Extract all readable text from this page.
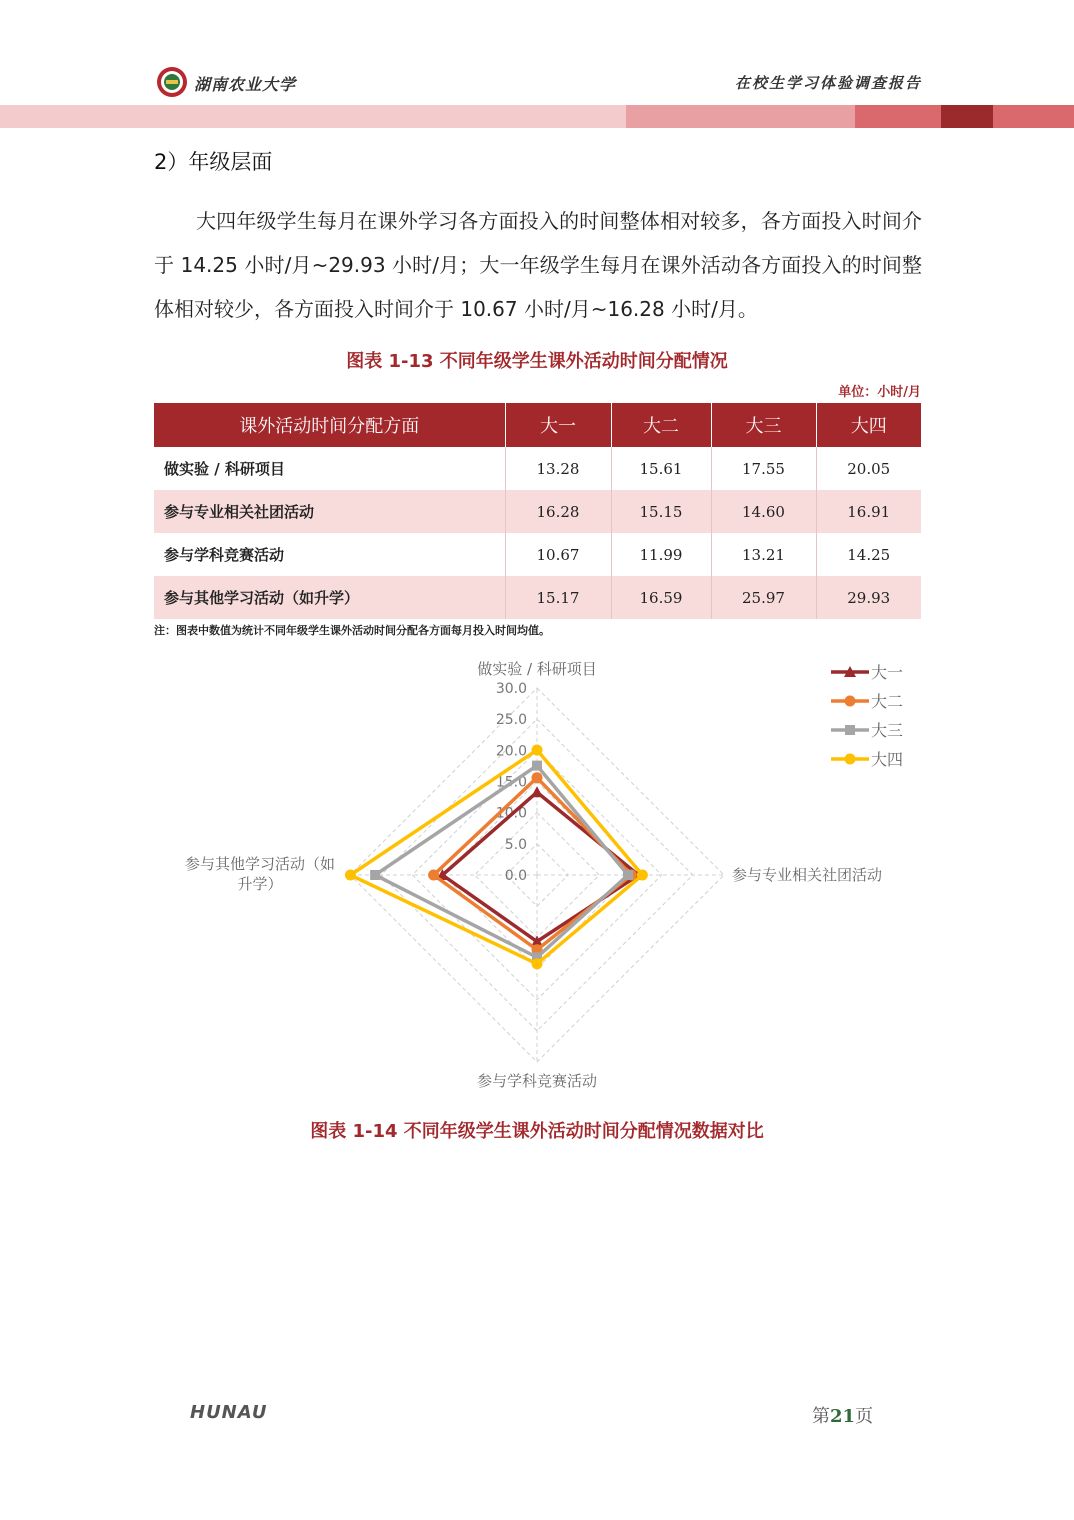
湖南农业大学	在校生学习体验调查报告
2）年级层面
大四年级学生每月在课外学习各方面投入的时间整体相对较多，各方面投入时间介于 14.25 小时/月~29.93 小时/月；大一年级学生每月在课外活动各方面投入的时间整体相对较少，各方面投入时间介于 10.67 小时/月~16.28 小时/月。
图表 1-13 不同年级学生课外活动时间分配情况
单位：小时/月
课外活动时间分配方面	大一	大二	大三	大四
做实验 / 科研项目	13.28	15.61	17.55	20.05
参与专业相关社团活动	16.28	15.15	14.60	16.91
参与学科竞赛活动	10.67	11.99	13.21	14.25
参与其他学习活动（如升学）	15.17	16.59	25.97	29.93
注：图表中数值为统计不同年级学生课外活动时间分配各方面每月投入时间均值。
0.0
5.0
10.0
15.0
20.0
25.0
30.0
做实验 / 科研项目
参与专业相关社团活动
参与学科竞赛活动
参与其他学习活动（如升学）
大一
大二
大三
大四
图表 1-14 不同年级学生课外活动时间分配情况数据对比
HUNAU	第21页
